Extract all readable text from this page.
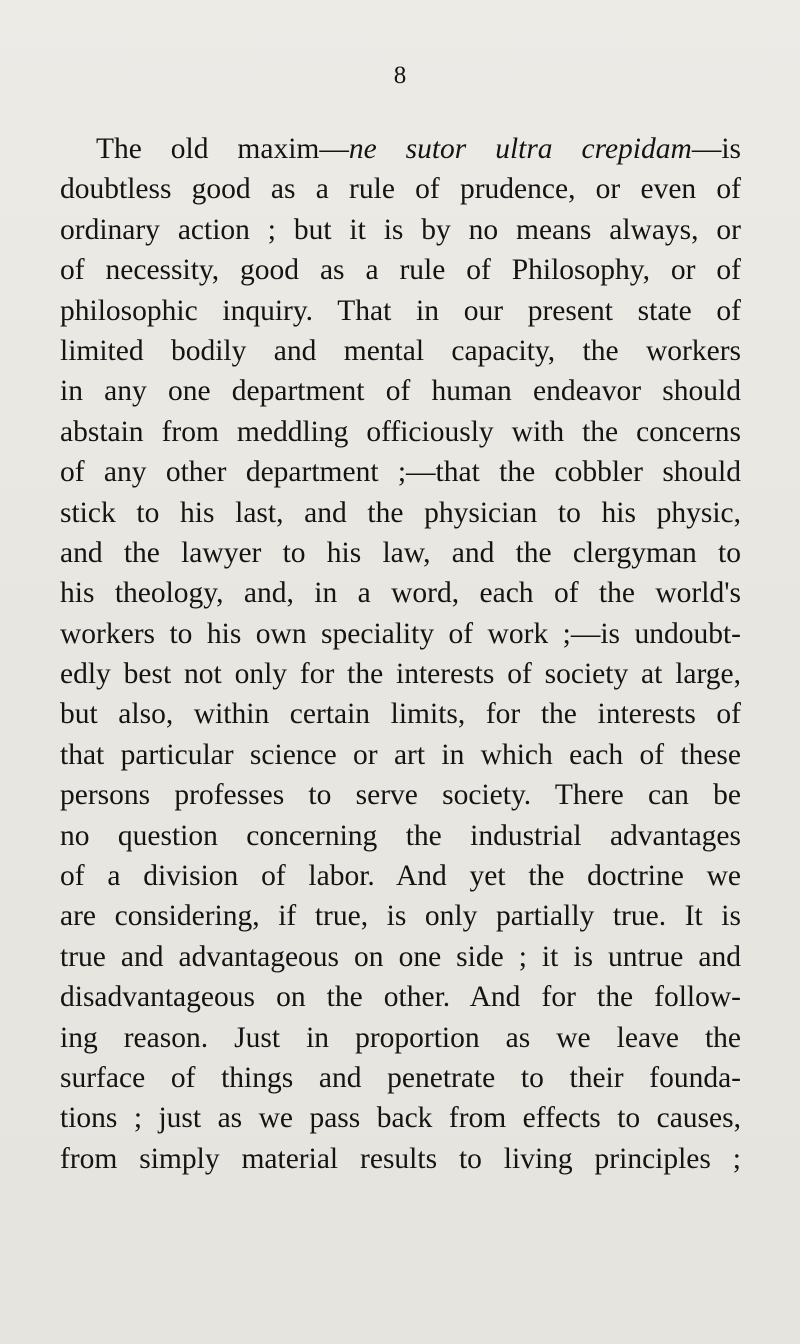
8
The old maxim—ne sutor ultra crepidam—is
doubtless good as a rule of prudence, or even of
ordinary action ; but it is by no means always, or
of necessity, good as a rule of Philosophy, or of
philosophic inquiry. That in our present state of
limited bodily and mental capacity, the workers
in any one department of human endeavor should
abstain from meddling officiously with the concerns
of any other department ;—that the cobbler should
stick to his last, and the physician to his physic,
and the lawyer to his law, and the clergyman to
his theology, and, in a word, each of the world's
workers to his own speciality of work ;—is undoubt-
edly best not only for the interests of society at large,
but also, within certain limits, for the interests of
that particular science or art in which each of these
persons professes to serve society. There can be
no question concerning the industrial advantages
of a division of labor. And yet the doctrine we
are considering, if true, is only partially true. It is
true and advantageous on one side ; it is untrue and
disadvantageous on the other. And for the follow-
ing reason. Just in proportion as we leave the
surface of things and penetrate to their founda-
tions ; just as we pass back from effects to causes,
from simply material results to living principles ;
